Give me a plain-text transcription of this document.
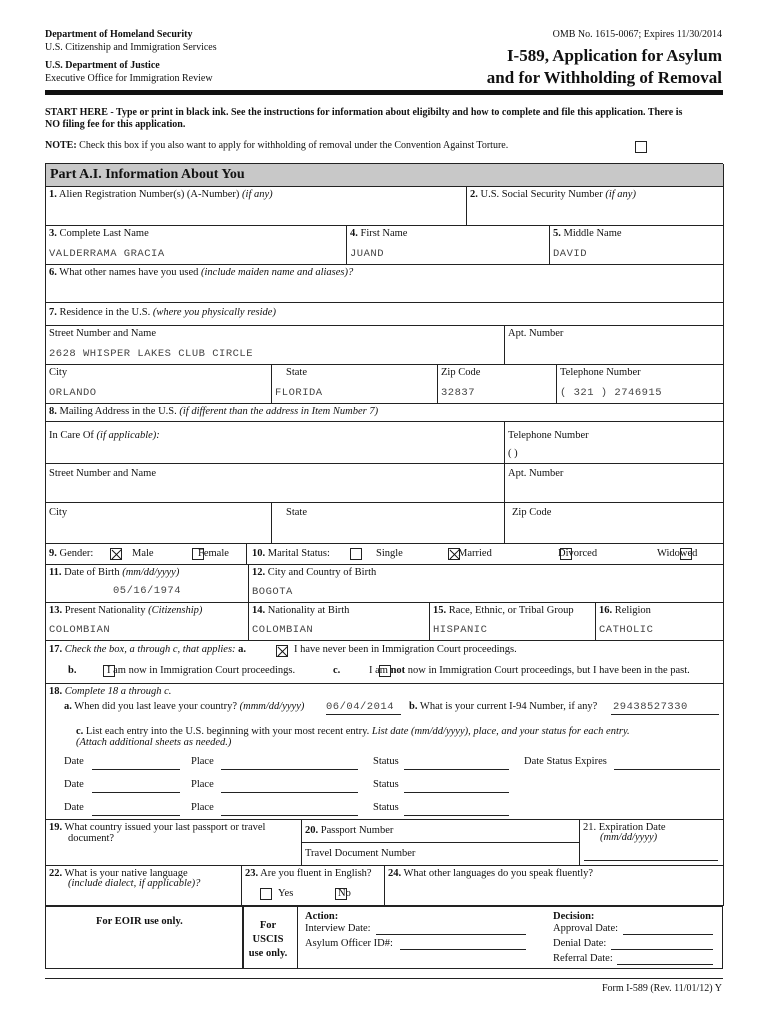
Department of Homeland Security
U.S. Citizenship and Immigration Services
U.S. Department of Justice
Executive Office for Immigration Review
OMB No. 1615-0067; Expires 11/30/2014
I-589, Application for Asylum
and for Withholding of Removal
START HERE - Type or print in black ink. See the instructions for information about eligibilty and how to complete and file this application. There is NO filing fee for this application.
NOTE: Check this box if you also want to apply for withholding of removal under the Convention Against Torture.
Part A.I. Information About You
1. Alien Registration Number(s) (A-Number) (if any)	2. U.S. Social Security Number (if any)
3. Complete Last Name
VALDERRAMA GRACIA
4. First Name
JUAND
5. Middle Name
DAVID
6. What other names have you used (include maiden name and aliases)?
7. Residence in the U.S. (where you physically reside)
Street Number and Name
2628 WHISPER LAKES CLUB CIRCLE
Apt. Number
City
ORLANDO
State
FLORIDA
Zip Code
32837
Telephone Number
( 321 ) 2746915
8. Mailing Address in the U.S. (if different than the address in Item Number 7)
In Care Of (if applicable):	Telephone Number
( )
Street Number and Name	Apt. Number
City	State	Zip Code
9. Gender:
	Male	Female 10. Marital Status:
	Single
	Married
	Divorced	Widowed
11. Date of Birth (mm/dd/yyyy)
05/16/1974
12. City and Country of Birth
BOGOTA
13. Present Nationality (Citizenship)
COLOMBIAN
14. Nationality at Birth
COLOMBIAN
15. Race, Ethnic, or Tribal Group
HISPANIC
16. Religion
CATHOLIC
17. Check the box, a through c, that applies: a.
	I have never been in Immigration Court proceedings.
b.
	I am now in Immigration Court proceedings.	c.	I am not now in Immigration Court proceedings, but I have been in the past.
18. Complete 18 a through c.
a. When did you last leave your country? (mmm/dd/yyyy) 06/04/2014 b. What is your current I-94 Number, if any? 29438527330
c. List each entry into the U.S. beginning with your most recent entry. List date (mm/dd/yyyy), place, and your status for each entry.
(Attach additional sheets as needed.)
Date	Place	Status	Date Status Expires
Date	Place	Status
Date	Place	Status
19. What country issued your last passport or travel
document?
20. Passport Number
Travel Document Number
21. Expiration Date
(mm/dd/yyyy)
22. What is your native language
(include dialect, if applicable)?
23. Are you fluent in English?

Yes	No
24. What other languages do you speak fluently?
For EOIR use only.	For
USCIS
use only.
Action:
Interview Date:
Asylum Officer ID#:
Decision:
Approval Date:
Denial Date:
Referral Date:
Form I-589 (Rev. 11/01/12) Y
